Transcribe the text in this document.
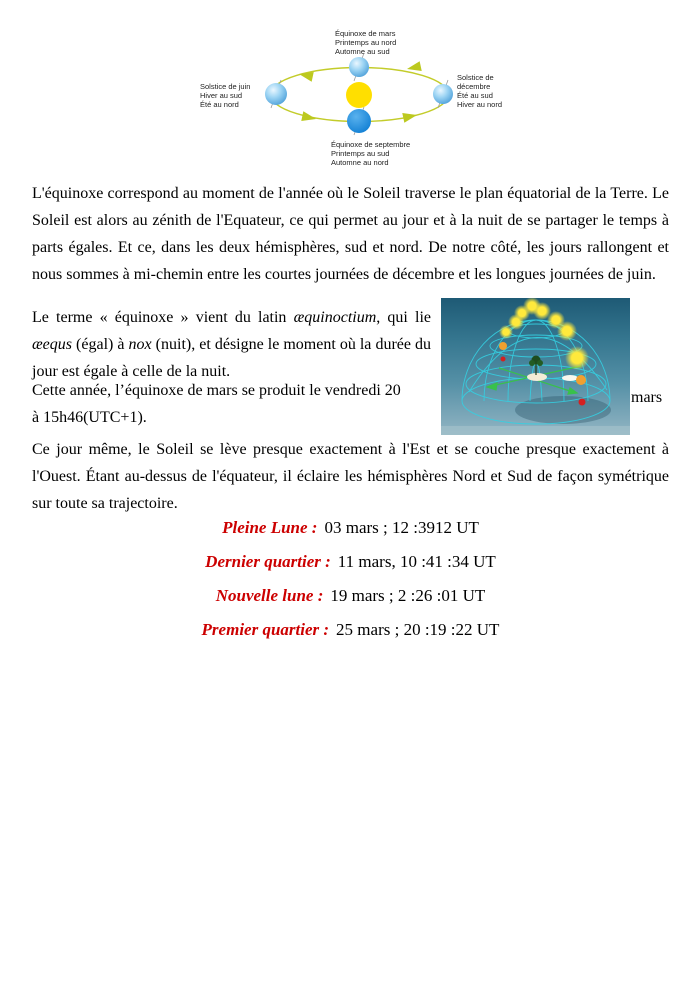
Équinoxe de mars
Printemps au nord
Automne au sud
Solstice de juin
Hiver au sud
Été au nord
Solstice de
décembre
Été au sud
Hiver au nord
Équinoxe de septembre
Printemps au sud
Automne au nord
L'équinoxe correspond au moment de l'année où le Soleil traverse le plan équatorial de la Terre. Le Soleil est alors au zénith de l'Equateur, ce qui permet au jour et à la nuit de se partager le temps à parts égales. Et ce, dans les deux hémisphères, sud et nord. De notre côté, les jours rallongent et nous sommes à mi-chemin entre les courtes journées de décembre et les longues journées de juin.
Le terme « équinoxe » vient du latin æquinoctium, qui lie æequs (égal) à nox (nuit), et désigne le moment où la durée du jour est égale à celle de la nuit.
Cette année, l’équinoxe de mars se produit le vendredi 20	mars
à 15h46(UTC+1).
Ce jour même, le Soleil se lève presque exactement à l'Est et se couche presque exactement à l'Ouest. Étant au-dessus de l'équateur, il éclaire les hémisphères Nord et Sud de façon symétrique sur toute sa trajectoire.
Pleine Lune : 03 mars ; 12 :3912 UT
Dernier quartier : 11 mars, 10 :41 :34 UT
Nouvelle lune : 19 mars ; 2 :26 :01 UT
Premier quartier : 25 mars ; 20 :19 :22 UT
